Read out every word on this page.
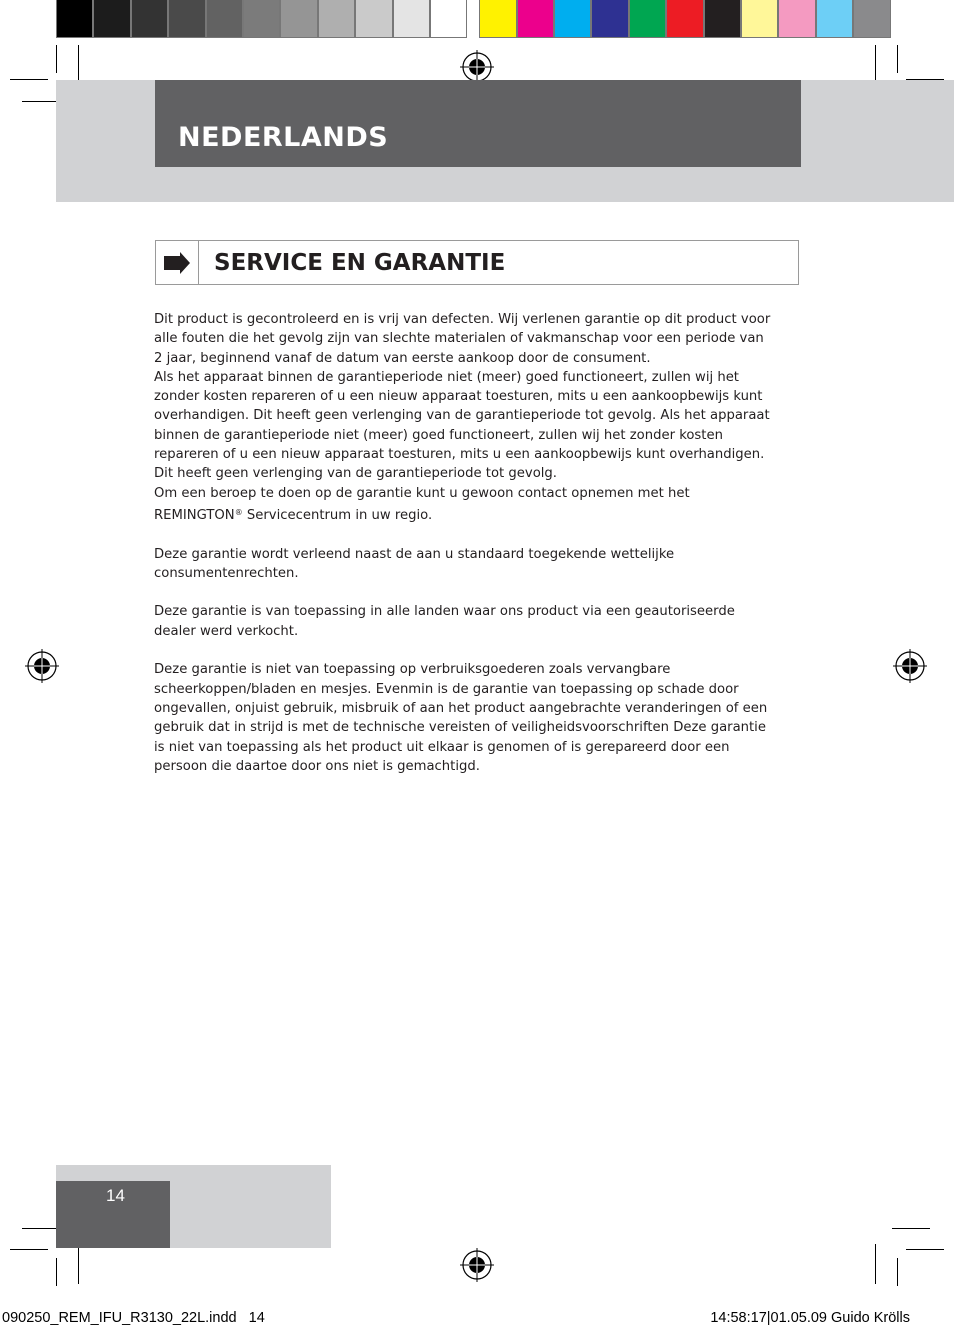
NEDERLANDS
SERVICE EN GARANTIE
Dit product is gecontroleerd en is vrij van defecten. Wij verlenen garantie op dit product voor alle fouten die het gevolg zijn van slechte materialen of vakmanschap voor een periode van 2 jaar, beginnend vanaf de datum van eerste aankoop door de consument.
Als het apparaat binnen de garantieperiode niet (meer) goed functioneert, zullen wij het zonder kosten repareren of u een nieuw apparaat toesturen, mits u een aankoopbewijs kunt overhandigen. Dit heeft geen verlenging van de garantieperiode tot gevolg. Als het apparaat binnen de garantieperiode niet (meer) goed functioneert, zullen wij het zonder kosten repareren of u een nieuw apparaat toesturen, mits u een aankoopbewijs kunt overhandigen. Dit heeft geen verlenging van de garantieperiode tot gevolg.
Om een beroep te doen op de garantie kunt u gewoon contact opnemen met het REMINGTON® Servicecentrum in uw regio.

Deze garantie wordt verleend naast de aan u standaard toegekende wettelijke consumentenrechten.

Deze garantie is van toepassing in alle landen waar ons product via een geautoriseerde dealer werd verkocht.

Deze garantie is niet van toepassing op verbruiksgoederen zoals vervangbare scheerkoppen/bladen en mesjes. Evenmin is de garantie van toepassing op schade door ongevallen, onjuist gebruik, misbruik of aan het product aangebrachte veranderingen of een gebruik dat in strijd is met de technische vereisten of veiligheidsvoorschriften Deze garantie is niet van toepassing als het product uit elkaar is genomen of is gerepareerd door een persoon die daartoe door ons niet is gemachtigd.

14
090250_REM_IFU_R3130_22L.indd   14	14:58:17|01.05.09 Guido Krölls
